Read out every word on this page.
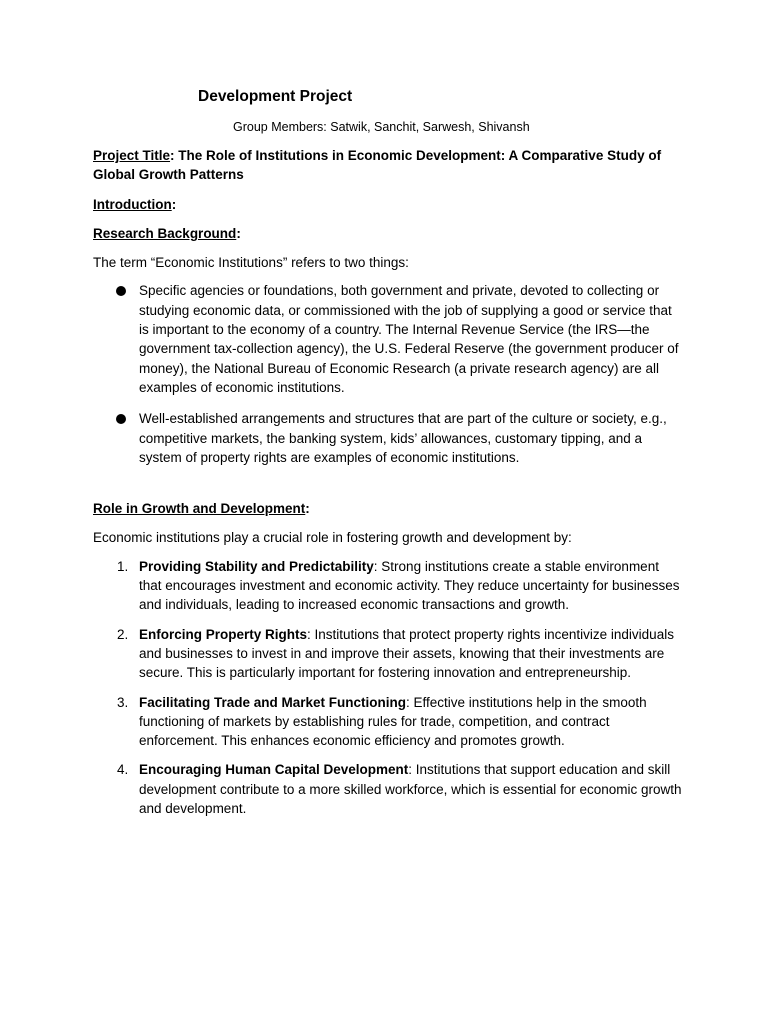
Development Project
Group Members: Satwik, Sanchit, Sarwesh, Shivansh
Project Title: The Role of Institutions in Economic Development: A Comparative Study of Global Growth Patterns
Introduction:
Research Background:
The term “Economic Institutions” refers to two things:
Specific agencies or foundations, both government and private, devoted to collecting or studying economic data, or commissioned with the job of supplying a good or service that is important to the economy of a country. The Internal Revenue Service (the IRS—the government tax-collection agency), the U.S. Federal Reserve (the government producer of money), the National Bureau of Economic Research (a private research agency) are all examples of economic institutions.
Well-established arrangements and structures that are part of the culture or society, e.g., competitive markets, the banking system, kids’ allowances, customary tipping, and a system of property rights are examples of economic institutions.
Role in Growth and Development:
Economic institutions play a crucial role in fostering growth and development by:
1. Providing Stability and Predictability: Strong institutions create a stable environment that encourages investment and economic activity. They reduce uncertainty for businesses and individuals, leading to increased economic transactions and growth.
2. Enforcing Property Rights: Institutions that protect property rights incentivize individuals and businesses to invest in and improve their assets, knowing that their investments are secure. This is particularly important for fostering innovation and entrepreneurship.
3. Facilitating Trade and Market Functioning: Effective institutions help in the smooth functioning of markets by establishing rules for trade, competition, and contract enforcement. This enhances economic efficiency and promotes growth.
4. Encouraging Human Capital Development: Institutions that support education and skill development contribute to a more skilled workforce, which is essential for economic growth and development.
